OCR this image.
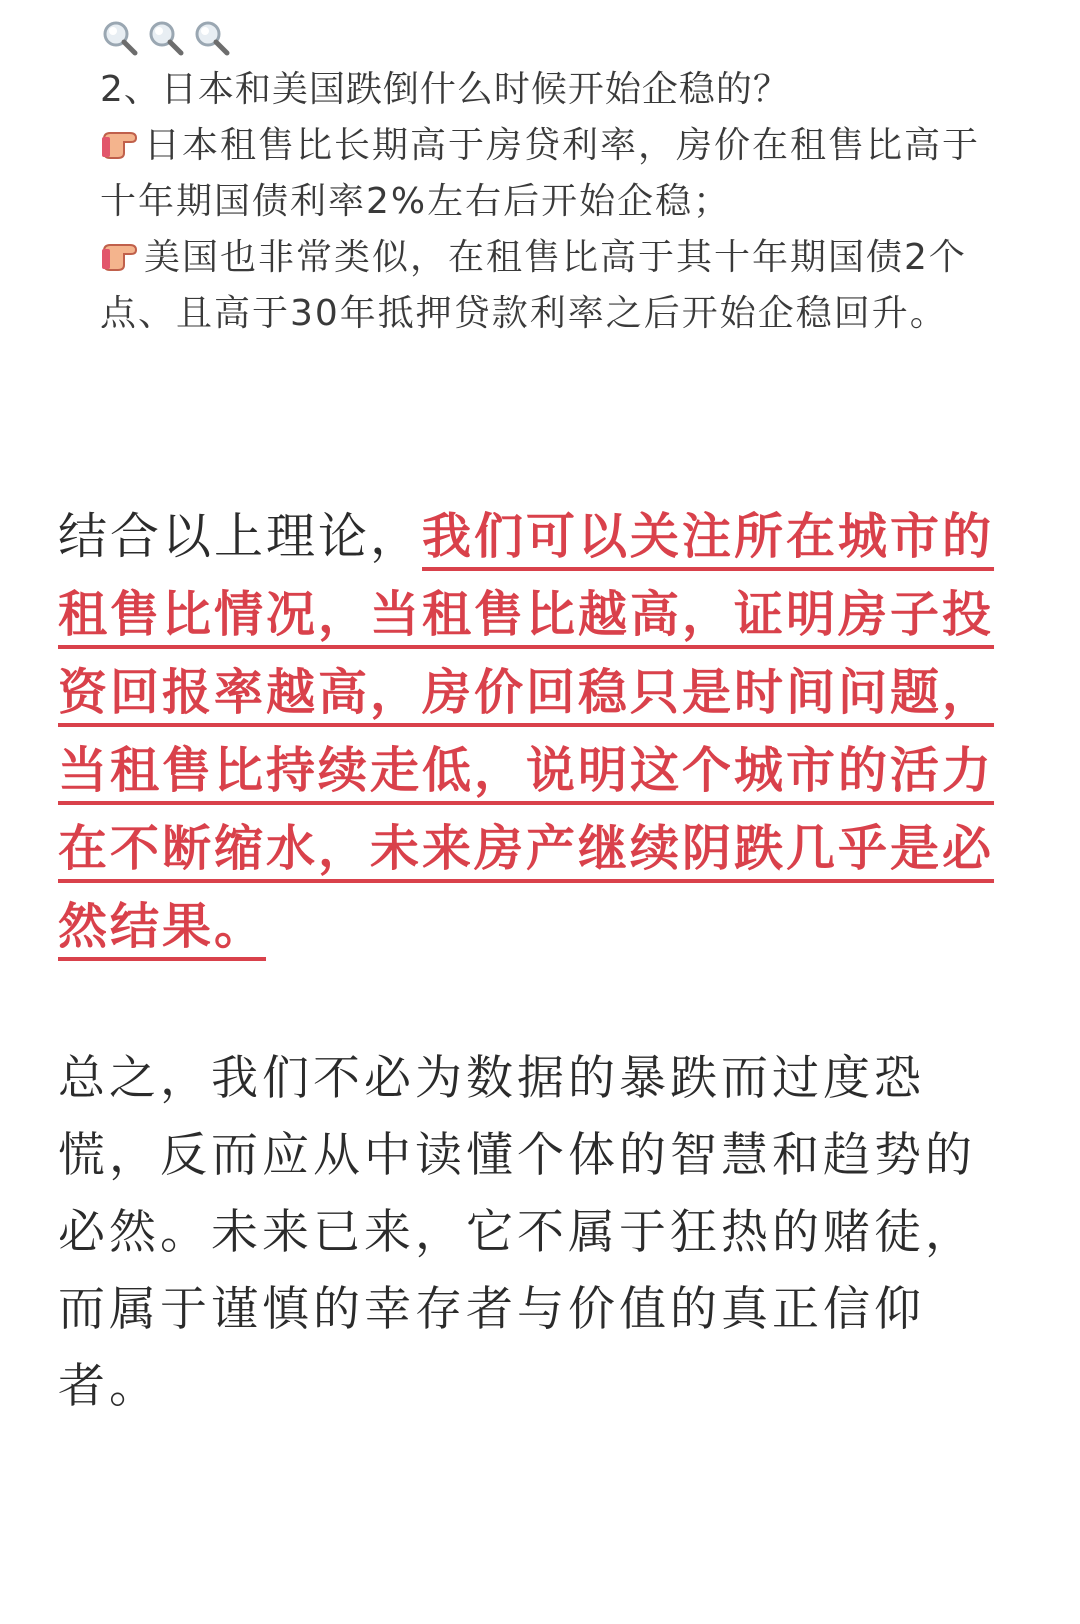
2、日本和美国跌倒什么时候开始企稳的？

日本租售比长期高于房贷利率，房价在租售比高于十年期国债利率2%左右后开始企稳；

美国也非常类似，在租售比高于其十年期国债2个点、且高于30年抵押贷款利率之后开始企稳回升。

结合以上理论，我们可以关注所在城市的租售比情况，当租售比越高，证明房子投资回报率越高，房价回稳只是时间问题，当租售比持续走低，说明这个城市的活力在不断缩水，未来房产继续阴跌几乎是必然结果。

总之，我们不必为数据的暴跌而过度恐慌，反而应从中读懂个体的智慧和趋势的必然。未来已来，它不属于狂热的赌徒，而属于谨慎的幸存者与价值的真正信仰者。
